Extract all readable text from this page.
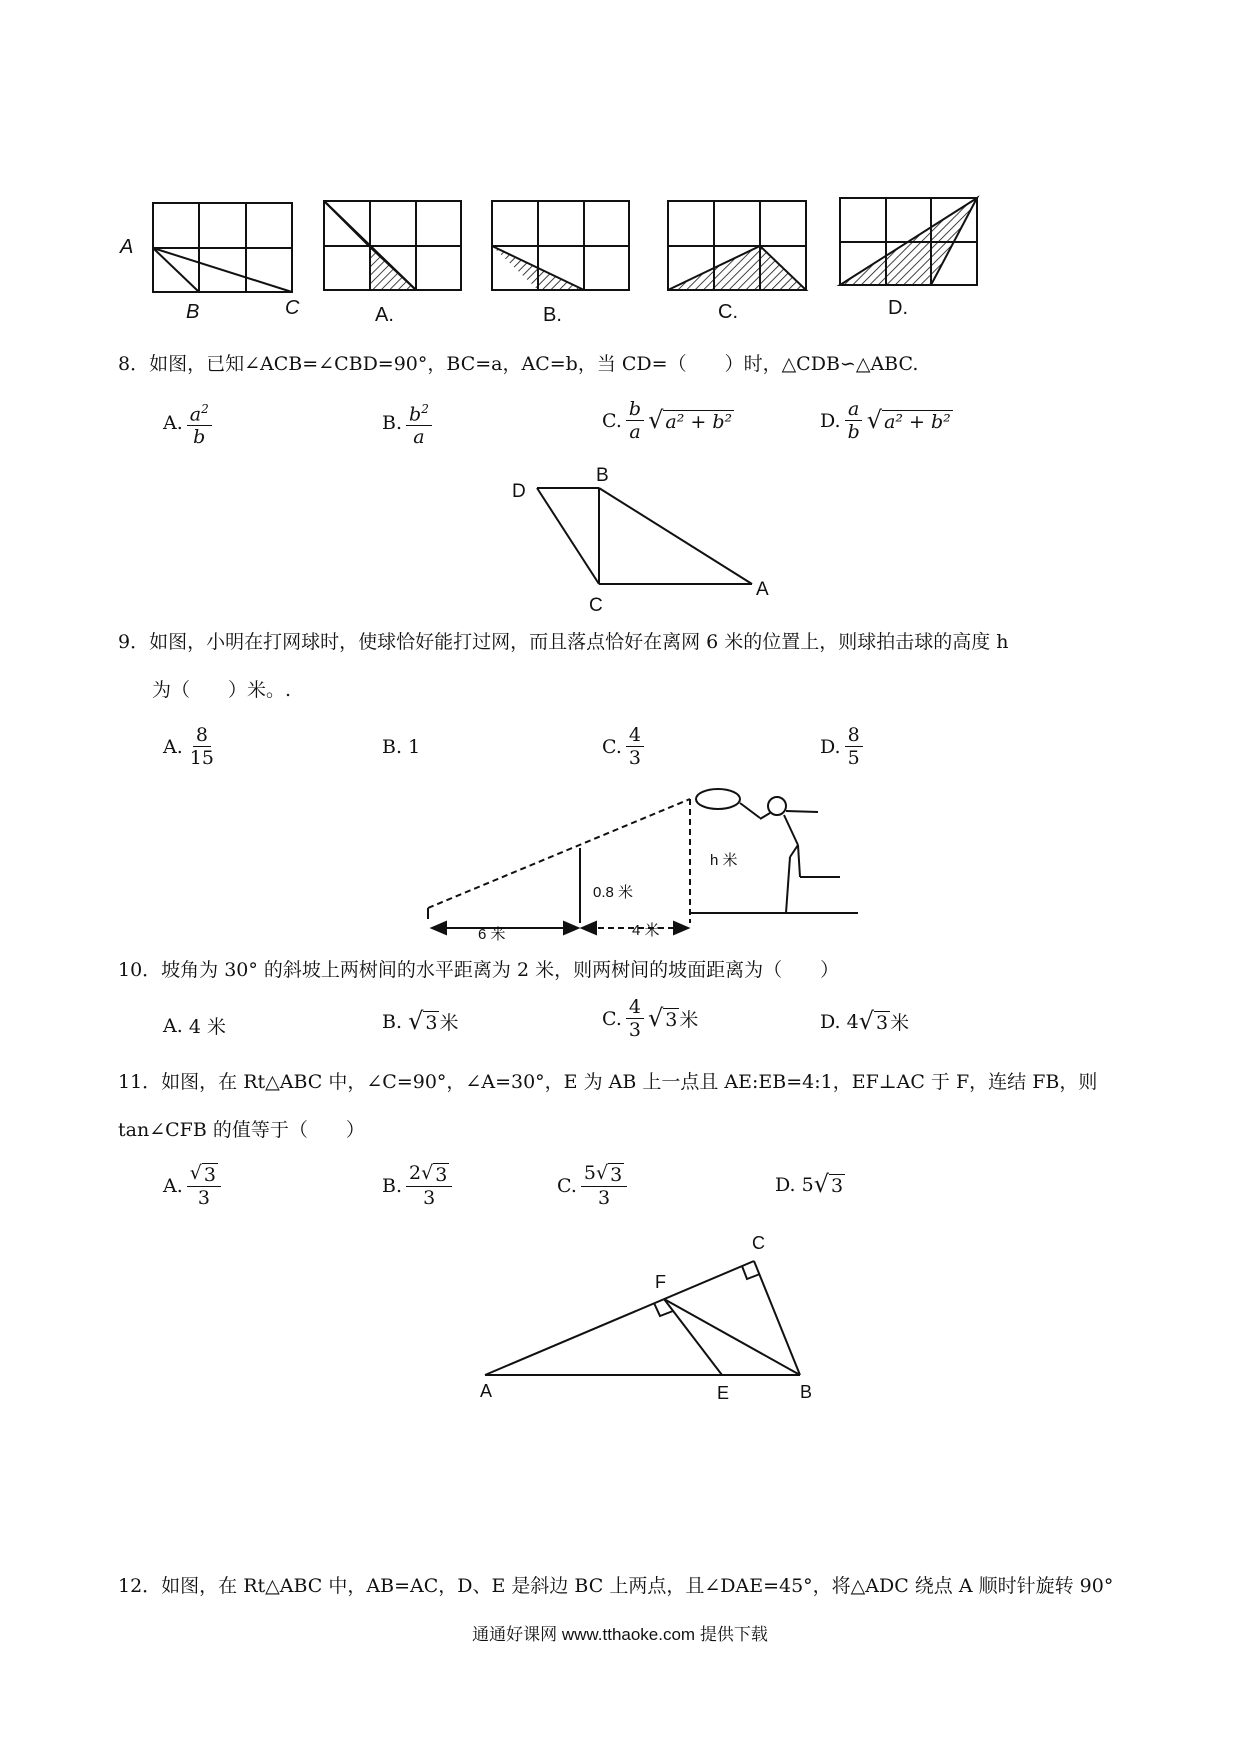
A
B	C	A.	B.	C.	D.
8．如图，已知∠ACB=∠CBD=90°，BC=a，AC=b，当 CD=（　　）时，△CDB∽△ABC.
A. $\frac{a^2}{b}$	B. $\frac{b^2}{a}$	C. $\frac{b}{a}$ √ a² + b²	D. $\frac{a}{b}$ √ a² + b²
D
B
C
A
9．如图，小明在打网球时，使球恰好能打过网，而且落点恰好在离网 6 米的位置上，则球拍击球的高度 h
为（　　）米。.
A. $\frac{8}{15}$	B.
1	C. $\frac{4}{3}$	D. $\frac{8}{5}$
0.8 米
h 米
6 米	4 米
10．坡角为 30° 的斜坡上两树间的水平距离为 2 米，则两树间的坡面距离为（　　）
A.
4 米	B.
√ 3 米	C. $\frac{4}{3}$ √ 3 米	D.
4 √ 3 米
11．如图，在 Rt△ABC 中，∠C=90°，∠A=30°，E 为 AB 上一点且 AE:EB=4:1，EF⊥AC 于 F，连结 FB，则
tan∠CFB 的值等于（　　）
A. $\frac{√ 3}{3}$	B. $\frac{2 √ 3}{3}$	C. $\frac{5 √ 3}{3}$	D.
5 √ 3
C
F
A	E	B
12．如图，在 Rt△ABC 中，AB=AC，D、E 是斜边 BC 上两点，且∠DAE=45°，将△ADC 绕点 A 顺时针旋转 90°
通通好课网 www.tthaoke.com 提供下载
